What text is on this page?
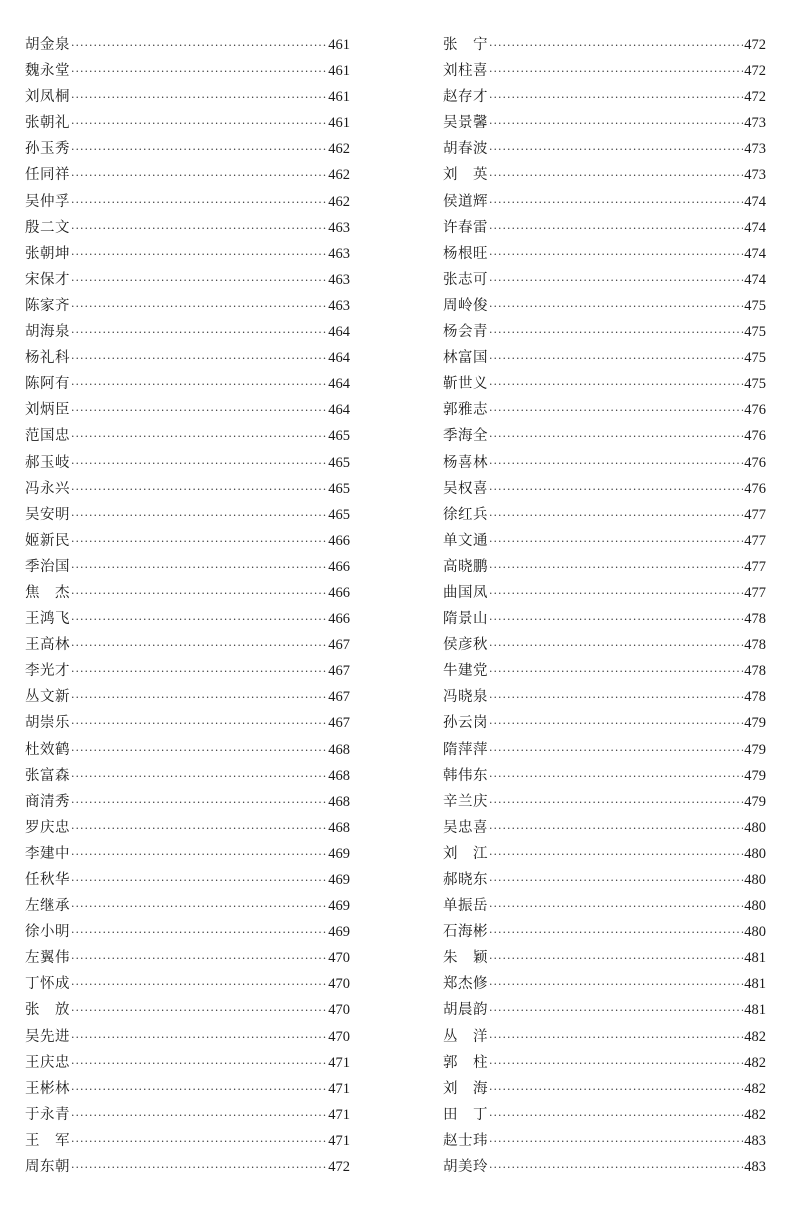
胡金泉 ·····	461
魏永堂 ·····	461
刘凤桐 ·····	461
张朝礼 ·····	461
孙玉秀 ·····	462
任同祥 ·····	462
吴仲孚 ·····	462
殷二文 ·····	463
张朝坤 ·····	463
宋保才 ·····	463
陈家齐 ·····	463
胡海泉 ·····	464
杨礼科 ·····	464
陈阿有 ·····	464
刘炳臣 ·····	464
范国忠 ·····	465
郝玉岐 ·····	465
冯永兴 ·····	465
吴安明 ·····	465
姬新民 ·····	466
季治国 ·····	466
焦　杰 ·····	466
王鸿飞 ·····	466
王高林 ·····	467
李光才 ·····	467
丛文新 ·····	467
胡崇乐 ·····	467
杜效鹤 ·····	468
张富森 ·····	468
商清秀 ·····	468
罗庆忠 ·····	468
李建中 ·····	469
任秋华 ·····	469
左继承 ·····	469
徐小明 ·····	469
左翼伟 ·····	470
丁怀成 ·····	470
张　放 ·····	470
吴先进 ·····	470
王庆忠 ·····	471
王彬林 ·····	471
于永青 ·····	471
王　军 ·····	471
周东朝 ·····	472
张　宁 ·····	472
刘柱喜 ·····	472
赵存才 ·····	472
吴景馨 ·····	473
胡春波 ·····	473
刘　英 ·····	473
侯道辉 ·····	474
许春雷 ·····	474
杨根旺 ·····	474
张志可 ·····	474
周岭俊 ·····	475
杨会青 ·····	475
林富国 ·····	475
靳世义 ·····	475
郭雅志 ·····	476
季海全 ·····	476
杨喜林 ·····	476
吴权喜 ·····	476
徐红兵 ·····	477
单文通 ·····	477
高晓鹏 ·····	477
曲国凤 ·····	477
隋景山 ·····	478
侯彦秋 ·····	478
牛建党 ·····	478
冯晓泉 ·····	478
孙云岗 ·····	479
隋萍萍 ·····	479
韩伟东 ·····	479
辛兰庆 ·····	479
吴忠喜 ·····	480
刘　江 ·····	480
郝晓东 ·····	480
单振岳 ·····	480
石海彬 ·····	480
朱　颖 ·····	481
郑杰修 ·····	481
胡晨韵 ·····	481
丛　洋 ·····	482
郭　柱 ·····	482
刘　海 ·····	482
田　丁 ·····	482
赵士玮 ·····	483
胡美玲 ·····	483
